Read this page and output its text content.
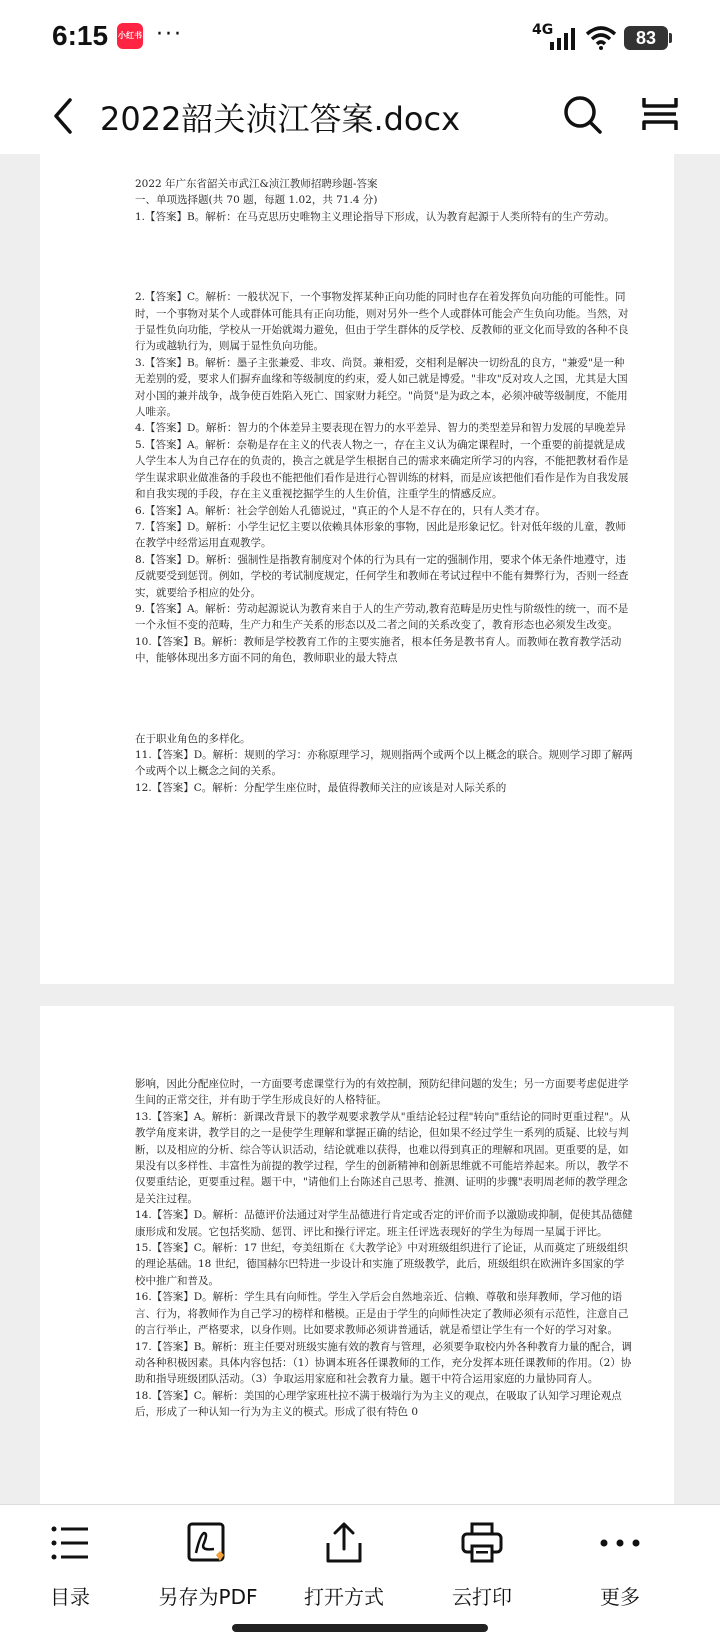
6:15 小红书 ···	4G	83
2022韶关浈江答案.docx

2022 年广东省韶关市武江&浈江教师招聘珍题-答案

一、单项选择题(共 70 题，每题 1.02，共 71.4 分)

1.【答案】B。解析：在马克思历史唯物主义理论指导下形成，认为教育起源于人类所特有的生产劳动。

2.【答案】C。解析：一般状况下，一个事物发挥某种正向功能的同时也存在着发挥负向功能的可能性。同时，一个事物对某个人或群体可能具有正向功能，则对另外一些个人或群体可能会产生负向功能。当然，对于显性负向功能，学校从一开始就竭力避免，但由于学生群体的反学校、反教师的亚文化而导致的各种不良行为或越轨行为，则属于显性负向功能。

3.【答案】B。解析：墨子主张兼爱、非攻、尚贤。兼相爱，交相利是解决一切纷乱的良方，"兼爱"是一种无差别的爱，要求人们摒弃血缘和等级制度的约束，爱人如己就是博爱。"非攻"反对攻人之国，尤其是大国对小国的兼并战争，战争使百姓陷入死亡、国家财力耗空。"尚贤"是为政之本，必须冲破等级制度，不能用人唯亲。

4.【答案】D。解析：智力的个体差异主要表现在智力的水平差异、智力的类型差异和智力发展的早晚差异

5.【答案】A。解析：奈勒是存在主义的代表人物之一，存在主义认为确定课程时，一个重要的前提就是成人学生本人为自己存在的负责的，换言之就是学生根据自己的需求来确定所学习的内容，不能把教材看作是学生谋求职业做准备的手段也不能把他们看作是进行心智训练的材料，而是应该把他们看作是作为自我发展和自我实现的手段，存在主义重视挖掘学生的人生价值，注重学生的情感反应。

6.【答案】A。解析：社会学创始人孔德说过，"真正的个人是不存在的，只有人类才存。

7.【答案】D。解析：小学生记忆主要以依赖具体形象的事物，因此是形象记忆。针对低年级的儿童，教师在教学中经常运用直观教学。

8.【答案】D。解析：强制性是指教育制度对个体的行为具有一定的强制作用，要求个体无条件地遵守，违反就要受到惩罚。例如，学校的考试制度规定，任何学生和教师在考试过程中不能有舞弊行为，否则一经查实，就要给予相应的处分。

9.【答案】A。解析：劳动起源说认为教育来自于人的生产劳动,教育范畴是历史性与阶级性的统一，而不是一个永恒不变的范畴，生产力和生产关系的形态以及二者之间的关系改变了，教育形态也必须发生改变。

10.【答案】B。解析：教师是学校教育工作的主要实施者，根本任务是教书育人。而教师在教育教学活动中，能够体现出多方面不同的角色，教师职业的最大特点

在于职业角色的多样化。

11.【答案】D。解析：规则的学习：亦称原理学习，规则指两个或两个以上概念的联合。规则学习即了解两个或两个以上概念之间的关系。

12.【答案】C。解析：分配学生座位时，最值得教师关注的应该是对人际关系的

影响，因此分配座位时，一方面要考虑课堂行为的有效控制，预防纪律问题的发生；另一方面要考虑促进学生间的正常交往，并有助于学生形成良好的人格特征。

13.【答案】A。解析：新课改背景下的教学观要求教学从"重结论轻过程"转向"重结论的同时更重过程"。从教学角度来讲，教学目的之一是使学生理解和掌握正确的结论，但如果不经过学生一系列的质疑、比较与判断，以及相应的分析、综合等认识活动，结论就难以获得，也难以得到真正的理解和巩固。更重要的是，如果没有以多样性、丰富性为前提的教学过程，学生的创新精神和创新思维就不可能培养起来。所以，教学不仅要重结论，更要重过程。题干中，"请他们上台陈述自己思考、推测、证明的步骤"表明周老师的教学理念是关注过程。

14.【答案】D。解析：品德评价法通过对学生品德进行肯定或否定的评价而予以激励或抑制，促使其品德健康形成和发展。它包括奖励、惩罚、评比和操行评定。班主任评选表现好的学生为每周一星属于评比。

15.【答案】C。解析：17 世纪，夸美纽斯在《大教学论》中对班级组织进行了论证，从而奠定了班级组织的理论基础。18 世纪，德国赫尔巴特进一步设计和实施了班级教学，此后，班级组织在欧洲许多国家的学校中推广和普及。

16.【答案】D。解析：学生具有向师性。学生入学后会自然地亲近、信赖、尊敬和崇拜教师，学习他的语言、行为，将教师作为自己学习的榜样和楷模。正是由于学生的向师性决定了教师必须有示范性，注意自己的言行举止，严格要求，以身作则。比如要求教师必须讲普通话，就是希望让学生有一个好的学习对象。

17.【答案】B。解析：班主任要对班级实施有效的教育与管理，必须要争取校内外各种教育力量的配合，调动各种积极因素。具体内容包括：（1）协调本班各任课教师的工作，充分发挥本班任课教师的作用。（2）协助和指导班级团队活动。（3）争取运用家庭和社会教育力量。题干中符合运用家庭的力量协同育人。

18.【答案】C。解析：美国的心理学家班杜拉不满于极端行为为主义的观点，在吸取了认知学习理论观点后，形成了一种认知一行为为主义的模式。形成了很有特色 0

目录	另存为PDF	打开方式	云打印	更多
